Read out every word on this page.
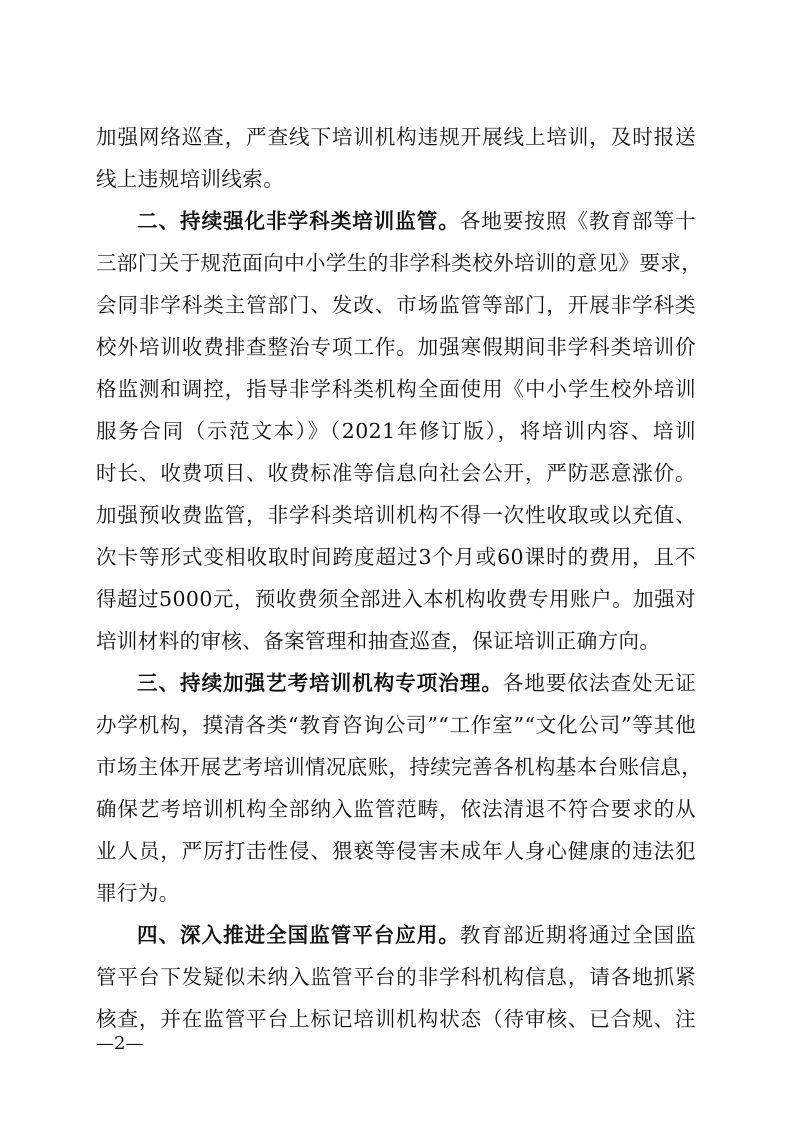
加强网络巡查，严查线下培训机构违规开展线上培训，及时报送
线上违规培训线索。
二、持续强化非学科类培训监管。各地要按照《教育部等十
三部门关于规范面向中小学生的非学科类校外培训的意见》要求，
会同非学科类主管部门、发改、市场监管等部门，开展非学科类
校外培训收费排查整治专项工作。加强寒假期间非学科类培训价
格监测和调控，指导非学科类机构全面使用《中小学生校外培训
服务合同（示范文本）》（2021年修订版），将培训内容、培训
时长、收费项目、收费标准等信息向社会公开，严防恶意涨价。
加强预收费监管，非学科类培训机构不得一次性收取或以充值、
次卡等形式变相收取时间跨度超过3个月或60课时的费用，且不
得超过5000元，预收费须全部进入本机构收费专用账户。加强对
培训材料的审核、备案管理和抽查巡查，保证培训正确方向。
三、持续加强艺考培训机构专项治理。各地要依法查处无证
办学机构，摸清各类“教育咨询公司”“工作室”“文化公司”等其他
市场主体开展艺考培训情况底账，持续完善各机构基本台账信息，
确保艺考培训机构全部纳入监管范畴，依法清退不符合要求的从
业人员，严厉打击性侵、猥亵等侵害未成年人身心健康的违法犯
罪行为。
四、深入推进全国监管平台应用。教育部近期将通过全国监
管平台下发疑似未纳入监管平台的非学科机构信息，请各地抓紧
核查，并在监管平台上标记培训机构状态（待审核、已合规、注
—2—
